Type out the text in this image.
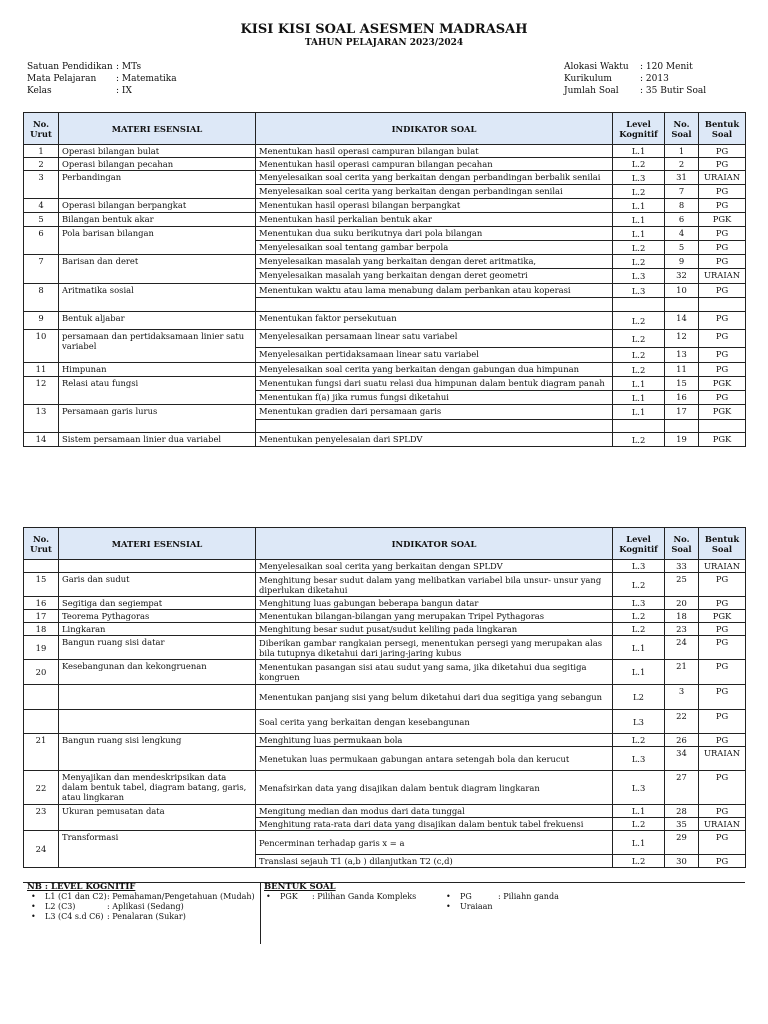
KISI KISI SOAL ASESMEN MADRASAH
TAHUN PELAJARAN 2023/2024
Satuan Pendidikan : MTs
Mata Pelajaran	: Matematika
Kelas	: IX
Alokasi Waktu	: 120 Menit
Kurikulum	: 2013
Jumlah Soal	: 35 Butir Soal
No. Urut	MATERI ESENSIAL	INDIKATOR SOAL	Level Kognitif	No. Soal	Bentuk Soal
1	Operasi bilangan bulat	Menentukan hasil operasi campuran bilangan bulat	L.1	1	PG
2	Operasi bilangan pecahan	Menentukan hasil operasi campuran bilangan pecahan	L.2	2	PG
3	Perbandingan	Menyelesaikan soal cerita yang berkaitan dengan perbandingan berbalik senilai	L.3	31	URAIAN
		Menyelesaikan soal cerita yang berkaitan dengan perbandingan senilai	L.2	7	PG
4	Operasi bilangan berpangkat	Menentukan hasil operasi bilangan berpangkat	L.1	8	PG
5	Bilangan bentuk akar	Menentukan hasil perkalian bentuk akar	L.1	6	PGK
6	Pola barisan bilangan	Menentukan dua suku berikutnya dari pola bilangan	L.1	4	PG
		Menyelesaikan soal tentang gambar berpola	L.2	5	PG
7	Barisan dan deret	Menyelesaikan masalah yang berkaitan dengan deret aritmatika,	L.2	9	PG
		Menyelesaikan masalah yang berkaitan dengan deret geometri	L.3	32	URAIAN
8	Aritmatika sosial	Menentukan waktu atau lama menabung dalam perbankan atau koperasi	L.3	10	PG

9	Bentuk aljabar	Menentukan faktor persekutuan	L.2	14	PG
10	persamaan dan pertidaksamaan linier satu variabel	Menyelesaikan persamaan linear satu variabel	L.2	12	PG
		Menyelesaikan pertidaksamaan linear satu variabel	L.2	13	PG
11	Himpunan	Menyelesaikan soal cerita yang berkaitan dengan gabungan dua himpunan	L.2	11	PG
12	Relasi atau fungsi	Menentukan fungsi dari suatu relasi dua himpunan dalam bentuk diagram panah	L.1	15	PGK
		Menentukan f(a) jika rumus fungsi diketahui	L.1	16	PG
13	Persamaan garis lurus	Menentukan gradien dari persamaan garis	L.1	17	PGK

14	Sistem persamaan linier dua variabel	Menentukan penyelesaian dari SPLDV	L.2	19	PGK
No. Urut	MATERI ESENSIAL	INDIKATOR SOAL	Level Kognitif	No. Soal	Bentuk Soal
		Menyelesaikan soal cerita yang berkaitan dengan SPLDV	L.3	33	URAIAN
15	Garis dan sudut	Menghitung besar sudut dalam yang melibatkan variabel bila unsur- unsur yang diperlukan diketahui	L.2	25	PG
16	Segitiga dan segiempat	Menghitung luas gabungan beberapa bangun datar	L.3	20	PG
17	Teorema Pythagoras	Menentukan bilangan-bilangan yang merupakan Tripel Pythagoras	L.2	18	PGK
18	Lingkaran	Menghitung besar sudut pusat/sudut keliling pada lingkaran	L.2	23	PG
19	Bangun ruang sisi datar	Diberikan gambar rangkaian persegi, menentukan persegi yang merupakan alas bila tutupnya diketahui dari jaring-jaring kubus	L.1	24	PG
20	Kesebangunan dan kekongruenan	Menentukan pasangan sisi atau sudut yang sama, jika diketahui dua segitiga kongruen	L.1	21	PG
		Menentukan panjang sisi yang belum diketahui dari dua segitiga yang sebangun	L2	3	PG
		Soal cerita yang berkaitan dengan kesebangunan	L3	22	PG
21	Bangun ruang sisi lengkung	Menghitung luas permukaan bola	L.2	26	PG
		Menetukan luas permukaan gabungan antara setengah bola dan kerucut	L.3	34	URAIAN
22	Menyajikan dan mendeskripsikan data dalam bentuk tabel, diagram batang, garis, atau lingkaran	Menafsirkan data yang disajikan dalam bentuk diagram lingkaran	L.3	27	PG
23	Ukuran pemusatan data	Mengitung median dan modus dari data tunggal	L.1	28	PG
		Menghitung rata-rata dari data yang disajikan dalam bentuk tabel frekuensi	L.2	35	URAIAN
24	Transformasi	Pencerminan terhadap garis x = a	L.1	29	PG
		Translasi sejauh T1 (a,b ) dilanjutkan T2 (c,d)	L.2	30	PG
NB : LEVEL KOGNITIF
•	L1 (C1 dan C2) : Pemahaman/Pengetahuan (Mudah)
•	L2 (C3)	: Aplikasi (Sedang)
•	L3 (C4 s.d C6) : Penalaran (Sukar)
BENTUK SOAL
•	PGK	: Pilihan Ganda Kompleks	•	PG	: Piliahn ganda
•	Uraiaan
